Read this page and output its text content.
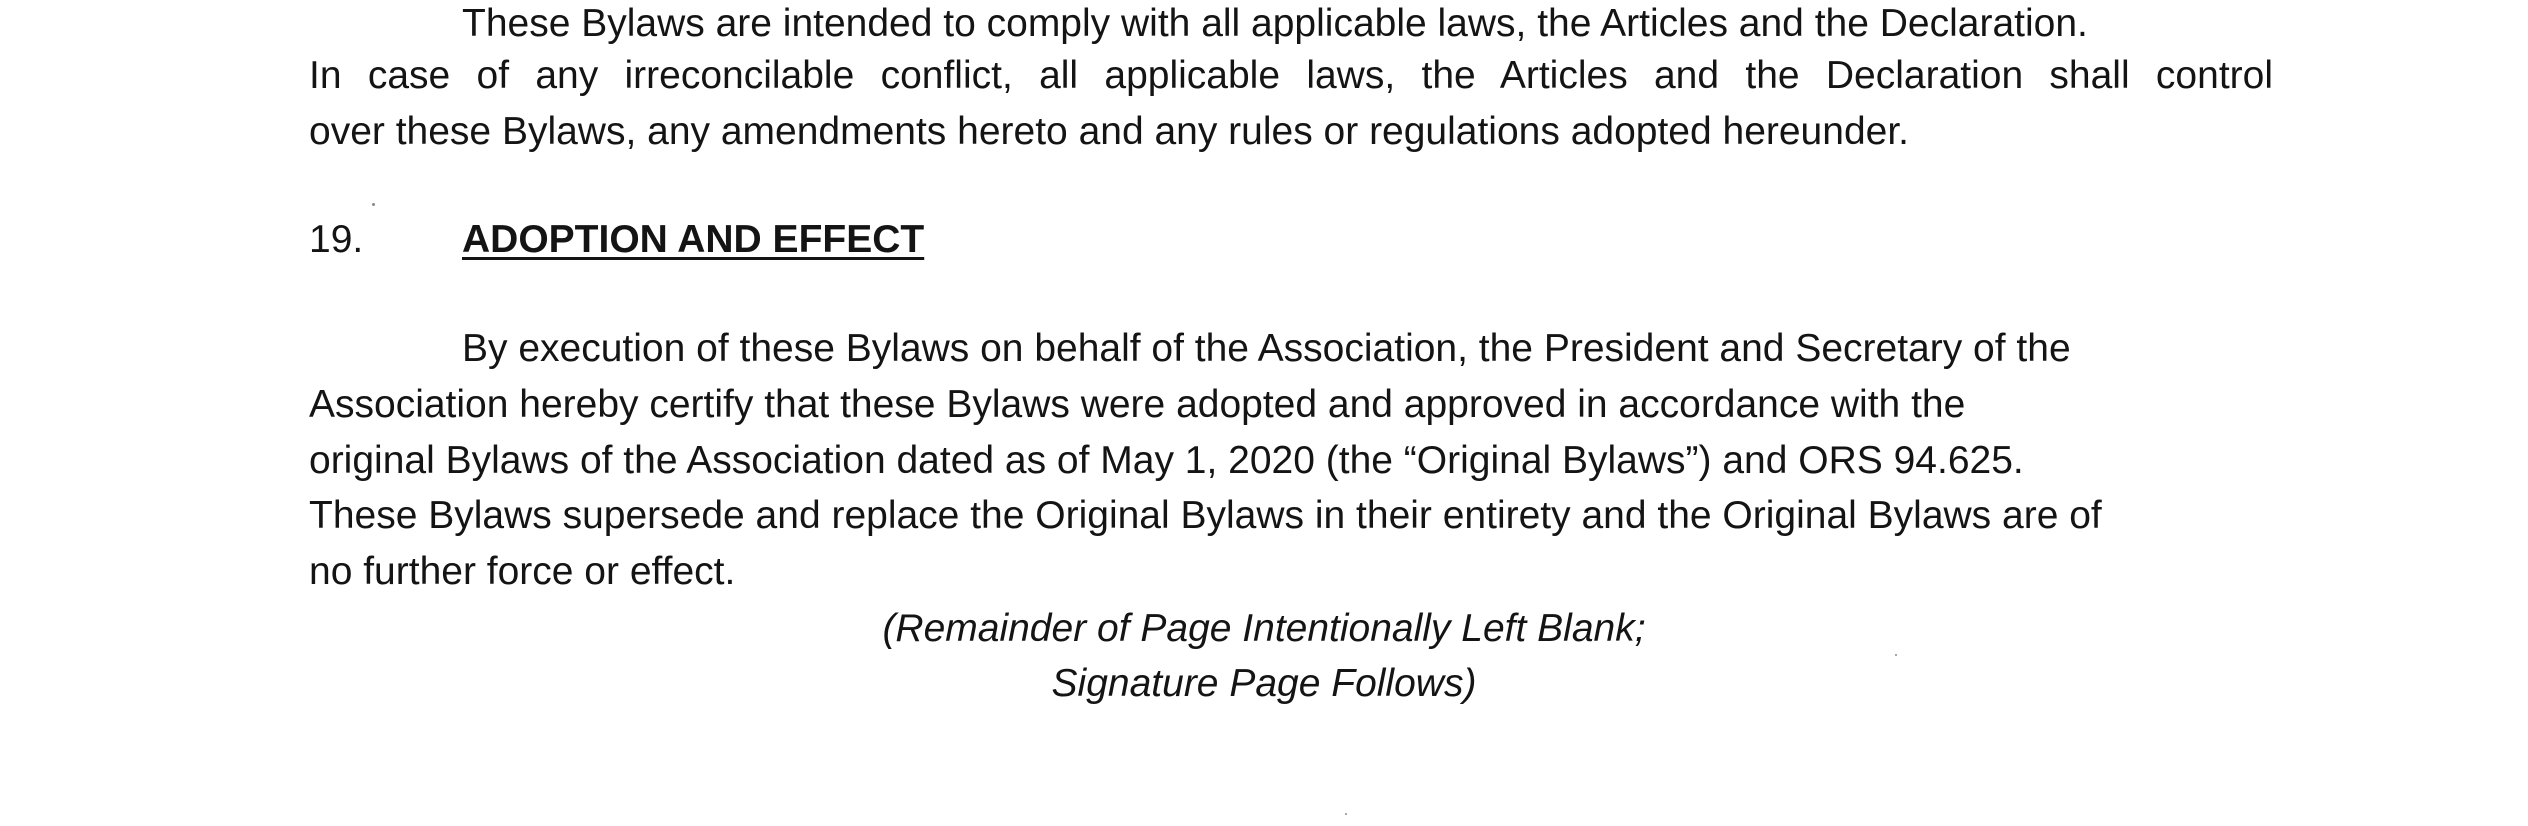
These Bylaws are intended to comply with all applicable laws, the Articles and the Declaration.
In case of any irreconcilable conflict, all applicable laws, the Articles and the Declaration shall control
over these Bylaws, any amendments hereto and any rules or regulations adopted hereunder.
19.	ADOPTION AND EFFECT
By execution of these Bylaws on behalf of the Association, the President and Secretary of the
Association hereby certify that these Bylaws were adopted and approved in accordance with the
original Bylaws of the Association dated as of May 1, 2020 (the “Original Bylaws”) and ORS 94.625.
These Bylaws supersede and replace the Original Bylaws in their entirety and the Original Bylaws are of
no further force or effect.
(Remainder of Page Intentionally Left Blank;
Signature Page Follows)
